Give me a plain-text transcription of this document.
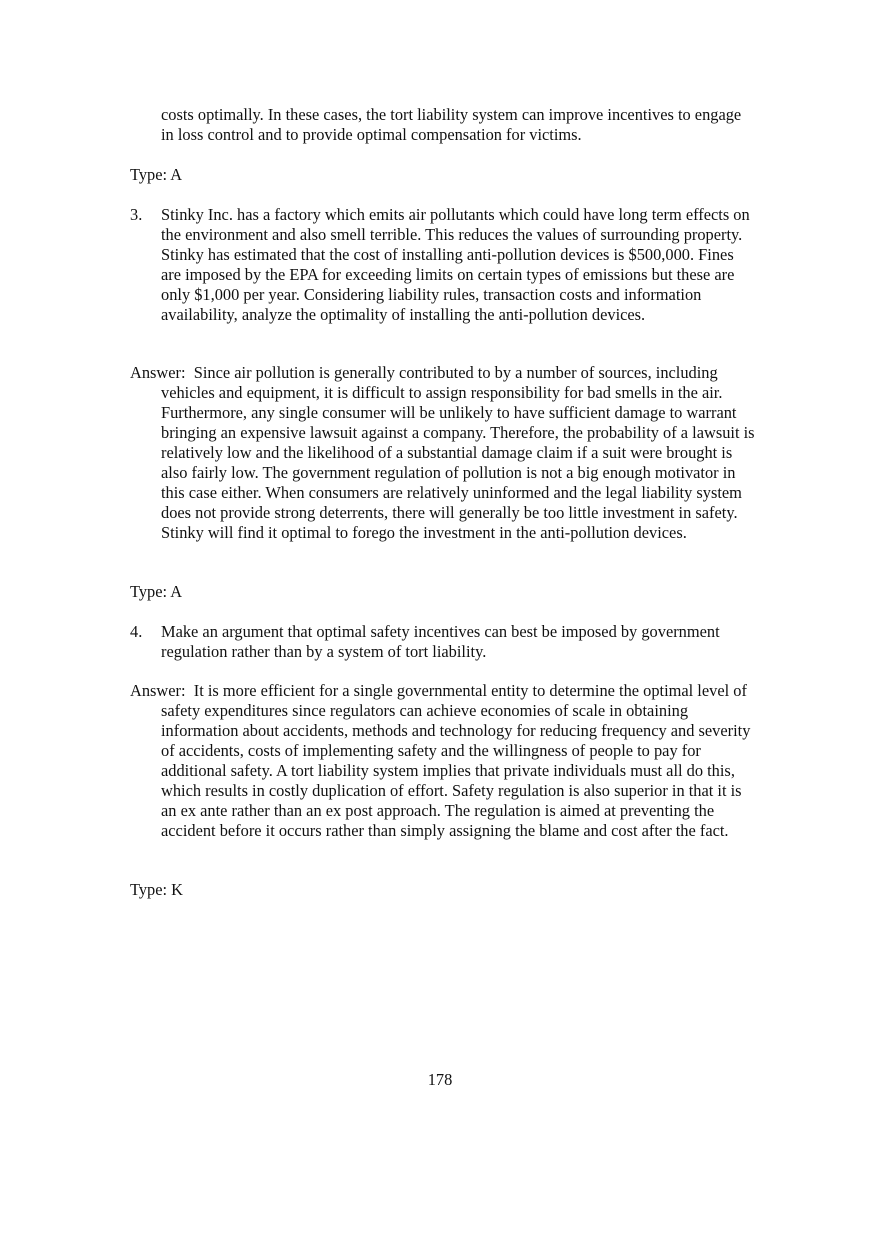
costs optimally. In these cases, the tort liability system can improve incentives to engage in loss control and to provide optimal compensation for victims.

Type: A

3. Stinky Inc. has a factory which emits air pollutants which could have long term effects on the environment and also smell terrible. This reduces the values of surrounding property. Stinky has estimated that the cost of installing anti-pollution devices is $500,000. Fines are imposed by the EPA for exceeding limits on certain types of emissions but these are only $1,000 per year. Considering liability rules, transaction costs and information availability, analyze the optimality of installing the anti-pollution devices.

Answer: Since air pollution is generally contributed to by a number of sources, including vehicles and equipment, it is difficult to assign responsibility for bad smells in the air. Furthermore, any single consumer will be unlikely to have sufficient damage to warrant bringing an expensive lawsuit against a company. Therefore, the probability of a lawsuit is relatively low and the likelihood of a substantial damage claim if a suit were brought is also fairly low. The government regulation of pollution is not a big enough motivator in this case either. When consumers are relatively uninformed and the legal liability system does not provide strong deterrents, there will generally be too little investment in safety. Stinky will find it optimal to forego the investment in the anti-pollution devices.

Type: A

4. Make an argument that optimal safety incentives can best be imposed by government regulation rather than by a system of tort liability.

Answer: It is more efficient for a single governmental entity to determine the optimal level of safety expenditures since regulators can achieve economies of scale in obtaining information about accidents, methods and technology for reducing frequency and severity of accidents, costs of implementing safety and the willingness of people to pay for additional safety. A tort liability system implies that private individuals must all do this, which results in costly duplication of effort. Safety regulation is also superior in that it is an ex ante rather than an ex post approach. The regulation is aimed at preventing the accident before it occurs rather than simply assigning the blame and cost after the fact.

Type: K

178
